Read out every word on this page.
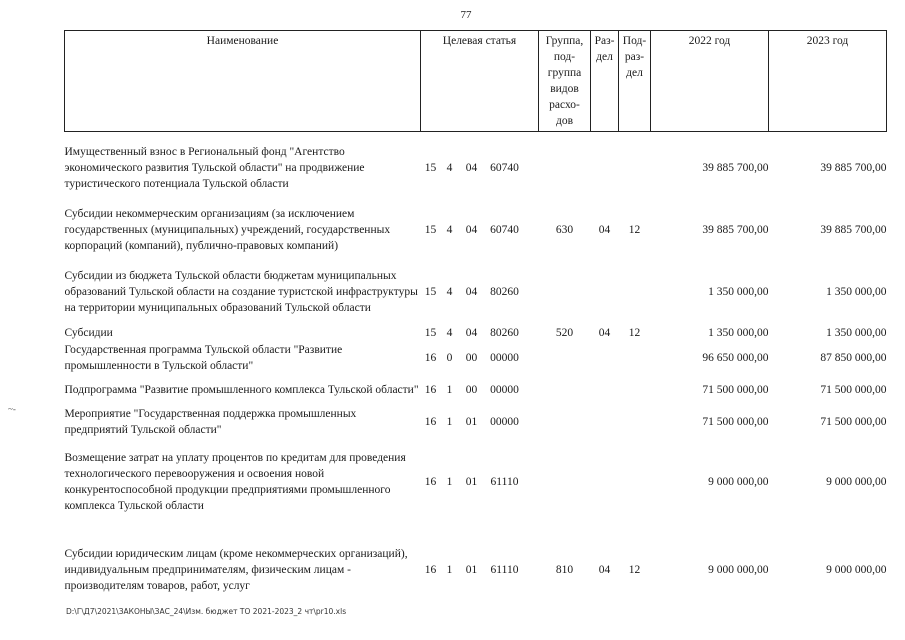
77
~-
Наименование	Целевая статья	Группа, под- группа видов расхо- дов	Раз- дел	Под- раз- дел	2022 год	2023 год
Имущественный взнос в Региональный фонд "Агентство экономического развития Тульской области" на продвижение туристического потенциала Тульской области	15 4 04 60740				39 885 700,00	39 885 700,00
Субсидии некоммерческим организациям (за исключением государственных (муниципальных) учреждений, государственных корпораций (компаний), публично-правовых компаний)	15 4 04 60740	630	04	12	39 885 700,00	39 885 700,00
Субсидии из бюджета Тульской области бюджетам муниципальных образований Тульской области на создание туристской инфраструктуры на территории муниципальных образований Тульской области	15 4 04 80260				1 350 000,00	1 350 000,00
Субсидии	15 4 04 80260	520	04	12	1 350 000,00	1 350 000,00
Государственная программа Тульской области "Развитие промышленности в Тульской области"	16 0 00 00000				96 650 000,00	87 850 000,00
Подпрограмма "Развитие промышленного комплекса Тульской области"	16 1 00 00000				71 500 000,00	71 500 000,00
Мероприятие "Государственная поддержка промышленных предприятий Тульской области"	16 1 01 00000				71 500 000,00	71 500 000,00
Возмещение затрат на уплату процентов по кредитам для проведения технологического перевооружения и освоения новой конкурентоспособной продукции предприятиями промышленного комплекса Тульской области	16 1 01 61110				9 000 000,00	9 000 000,00
Субсидии юридическим лицам (кроме некоммерческих организаций), индивидуальным предпринимателям, физическим лицам - производителям товаров, работ, услуг	16 1 01 61110	810	04	12	9 000 000,00	9 000 000,00
D:\Г\Д7\2021\ЗАКОНЫ\ЗАС_24\Изм. бюджет ТО 2021-2023_2 чт\pr10.xls
